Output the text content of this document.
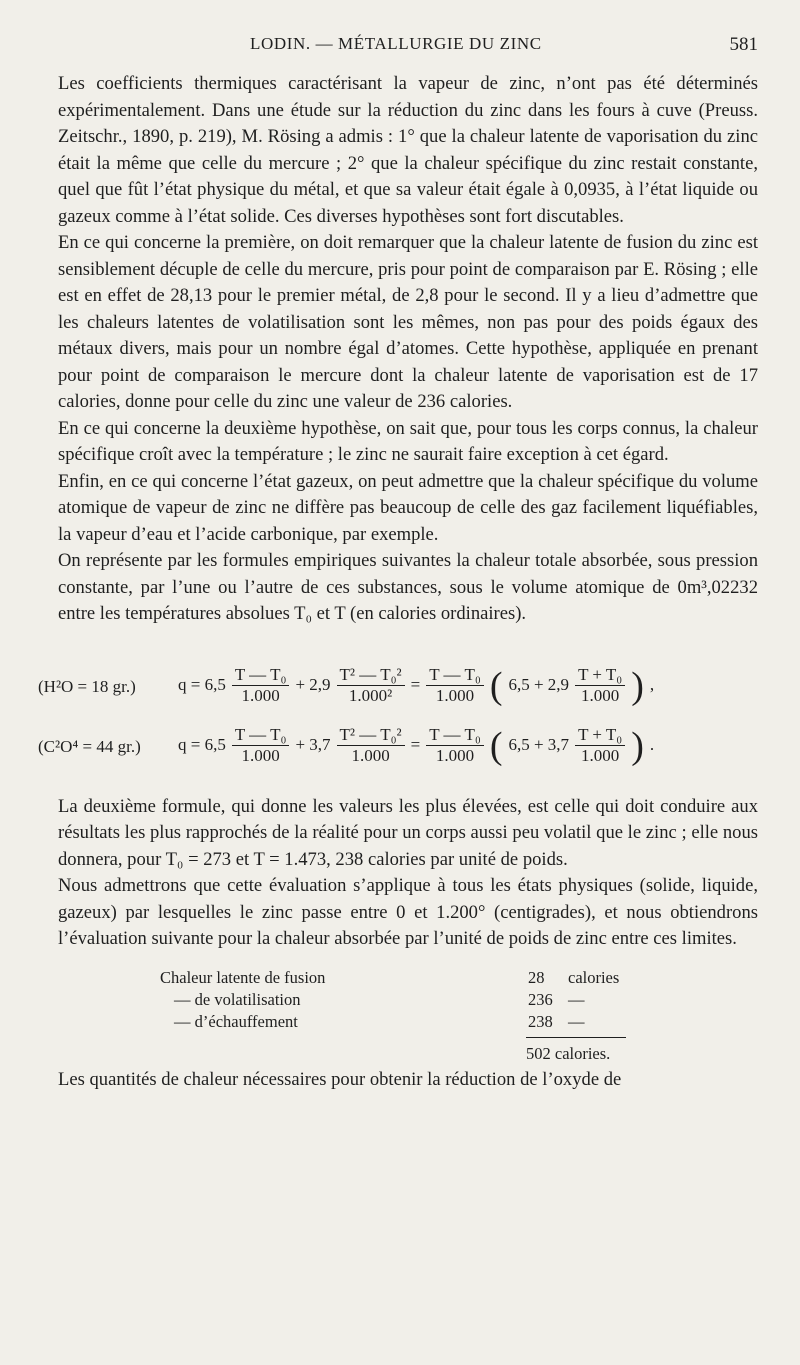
LODIN. — MÉTALLURGIE DU ZINC	581

Les coefficients thermiques caractérisant la vapeur de zinc, n’ont pas été déterminés expérimentalement. Dans une étude sur la réduction du zinc dans les fours à cuve (Preuss. Zeitschr., 1890, p. 219), M. Rösing a admis : 1° que la chaleur latente de vaporisation du zinc était la même que celle du mercure ; 2° que la chaleur spécifique du zinc restait constante, quel que fût l’état physique du métal, et que sa valeur était égale à 0,0935, à l’état liquide ou gazeux comme à l’état solide. Ces diverses hypothèses sont fort discutables.

En ce qui concerne la première, on doit remarquer que la chaleur latente de fusion du zinc est sensiblement décuple de celle du mercure, pris pour point de comparaison par E. Rösing ; elle est en effet de 28,13 pour le premier métal, de 2,8 pour le second. Il y a lieu d’admettre que les chaleurs latentes de volatilisation sont les mêmes, non pas pour des poids égaux des métaux divers, mais pour un nombre égal d’atomes. Cette hypothèse, appliquée en prenant pour point de comparaison le mercure dont la chaleur latente de vaporisation est de 17 calories, donne pour celle du zinc une valeur de 236 calories.

En ce qui concerne la deuxième hypothèse, on sait que, pour tous les corps connus, la chaleur spécifique croît avec la température ; le zinc ne saurait faire exception à cet égard.

Enfin, en ce qui concerne l’état gazeux, on peut admettre que la chaleur spécifique du volume atomique de vapeur de zinc ne diffère pas beaucoup de celle des gaz facilement liquéfiables, la vapeur d’eau et l’acide carbonique, par exemple.

On représente par les formules empiriques suivantes la chaleur totale absorbée, sous pression constante, par l’une ou l’autre de ces substances, sous le volume atomique de 0m³,02232 entre les températures absolues T₀ et T (en calories ordinaires).

(H²O = 18 gr.) $q = 6,5 \frac{\text{T — T₀}}{1.000} + 2,9 \frac{\text{T² — T₀²}}{\text{1.000²}} = \frac{\text{T — T₀}}{1.000}$ ( $6,5 + 2,9 \frac{\text{T + T₀}}{1.000}$ ) ,
(C²O⁴ = 44 gr.) $q = 6,5 \frac{\text{T — T₀}}{1.000} + 3,7 \frac{\text{T² — T₀²}}{1.000} = \frac{\text{T — T₀}}{1.000}$ ( $6,5 + 3,7 \frac{\text{T + T₀}}{1.000}$ ) .

La deuxième formule, qui donne les valeurs les plus élevées, est celle qui doit conduire aux résultats les plus rapprochés de la réalité pour un corps aussi peu volatil que le zinc ; elle nous donnera, pour T₀ = 273 et T = 1.473, 238 calories par unité de poids.

Nous admettrons que cette évaluation s’applique à tous les états physiques (solide, liquide, gazeux) par lesquelles le zinc passe entre 0 et 1.200° (centigrades), et nous obtiendrons l’évaluation suivante pour la chaleur absorbée par l’unité de poids de zinc entre ces limites.

Chaleur latente de fusion	28 calories
— de volatilisation	236 —
— d’échauffement	238 —
502 calories.

Les quantités de chaleur nécessaires pour obtenir la réduction de l’oxyde de
